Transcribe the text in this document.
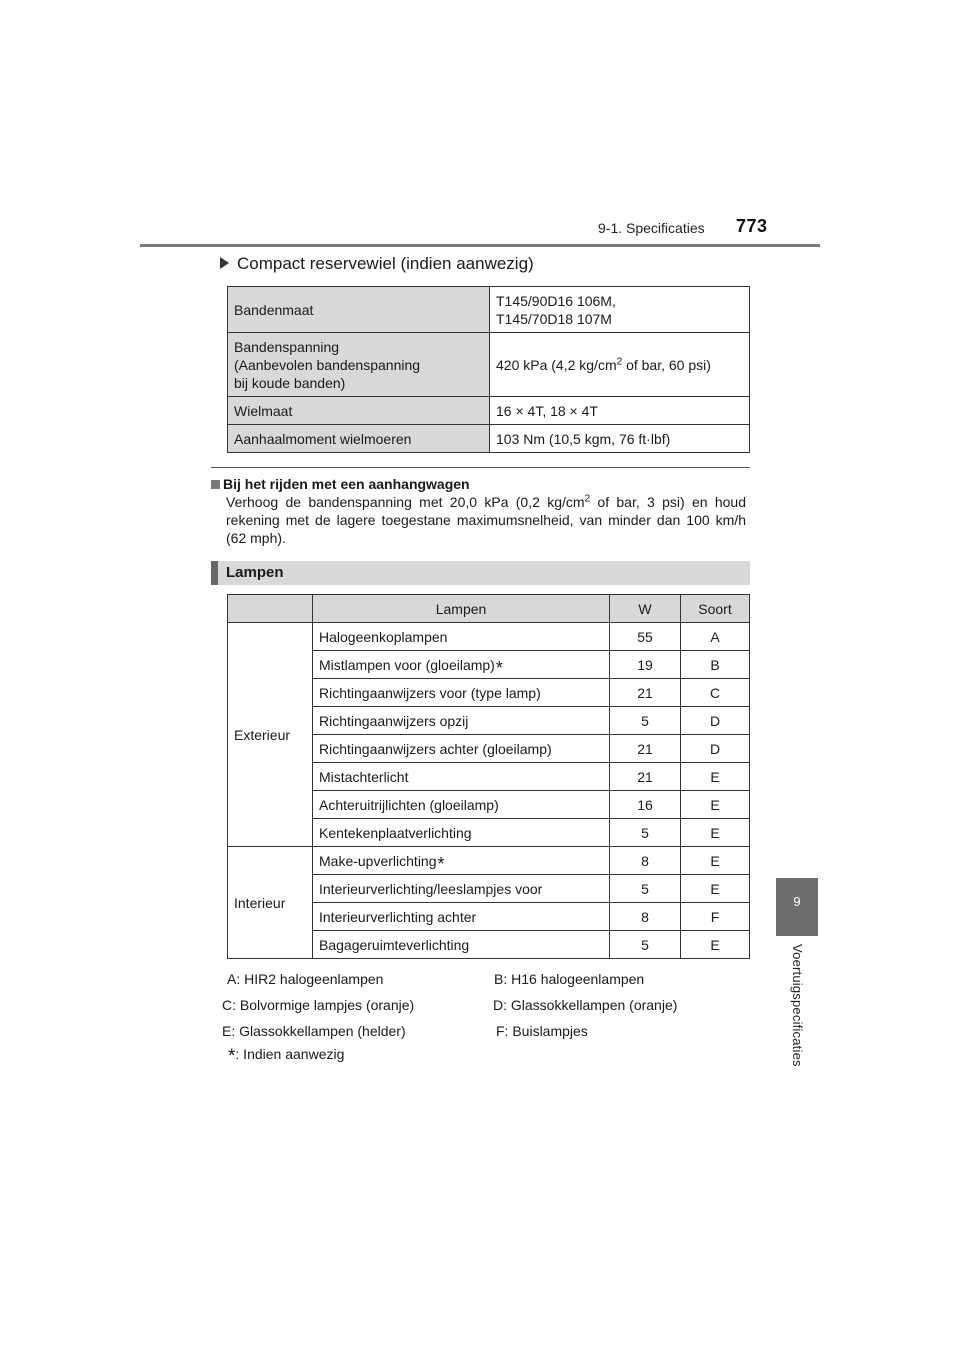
9-1. Specificaties 773
9
Voertuigspecificaties
Compact reservewiel (indien aanwezig)
Bandenmaat	T145/90D16 106M,
T145/70D18 107M
Bandenspanning
(Aanbevolen bandenspanning
bij koude banden)	420 kPa (4,2 $kg/cm^2$ of bar, 60 psi)
Wielmaat	16 × 4T, 18 × 4T
Aanhaalmoment wielmoeren	103 Nm (10,5 kgm, 76 ft·lbf)
Bij het rijden met een aanhangwagen
Verhoog de bandenspanning met 20,0 kPa (0,2 $kg/cm^2$ of bar, 3 psi) en houd rekening met de lagere toegestane maximumsnelheid, van minder dan 100 km/h (62 mph).
Lampen
	Lampen	W	Soort
Exterieur	Halogeenkoplampen	55	A
	Mistlampen voor (gloeilamp)*	19	B
	Richtingaanwijzers voor (type lamp)	21	C
	Richtingaanwijzers opzij	5	D
	Richtingaanwijzers achter (gloeilamp)	21	D
	Mistachterlicht	21	E
	Achteruitrijlichten (gloeilamp)	16	E
	Kentekenplaatverlichting	5	E
Interieur	Make-upverlichting*	8	E
	Interieurverlichting/leeslampjes voor	5	E
	Interieurverlichting achter	8	F
	Bagageruimteverlichting	5	E
A: HIR2 halogeenlampen	B: H16 halogeenlampen
C: Bolvormige lampjes (oranje)	D: Glassokkellampen (oranje)
E: Glassokkellampen (helder)	F: Buislampjes
*: Indien aanwezig
